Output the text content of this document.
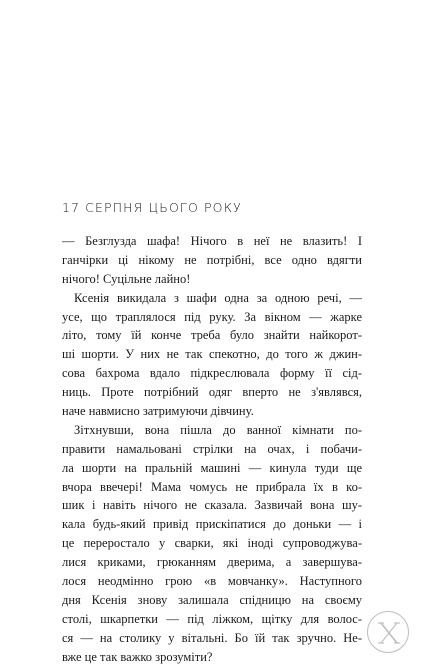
17 СЕРПНЯ ЦЬОГО РОКУ
— Безглузда шафа! Нічого в неї не влазить! І
ганчірки ці нікому не потрібні, все одно вдягти
нічого! Суцільне лайно!
Ксенія викидала з шафи одна за одною речі, —
усе, що траплялося під руку. За вікном — жарке
літо, тому їй конче треба було знайти найкорот-
ші шорти. У них не так спекотно, до того ж джин-
сова бахрома вдало підкреслювала форму її сід-
ниць. Проте потрібний одяг вперто не з'являвся,
наче навмисно затримуючи дівчину.
Зітхнувши, вона пішла до ванної кімнати по-
правити намальовані стрілки на очах, і побачи-
ла шорти на пральній машині — кинула туди ще
вчора ввечері! Мама чомусь не прибрала їх в ко-
шик і навіть нічого не сказала. Зазвичай вона шу-
кала будь-який привід прискіпатися до доньки — і
це переростало у сварки, які іноді супроводжува-
лися криками, грюканням дверима, а завершува-
лося неодмінно грою «в мовчанку». Наступного
дня Ксенія знову залишала спідницю на своєму
столі, шкарпетки — під ліжком, щітку для волос-
ся — на столику у вітальні. Бо їй так зручно. Не-
вже це так важко зрозуміти?
